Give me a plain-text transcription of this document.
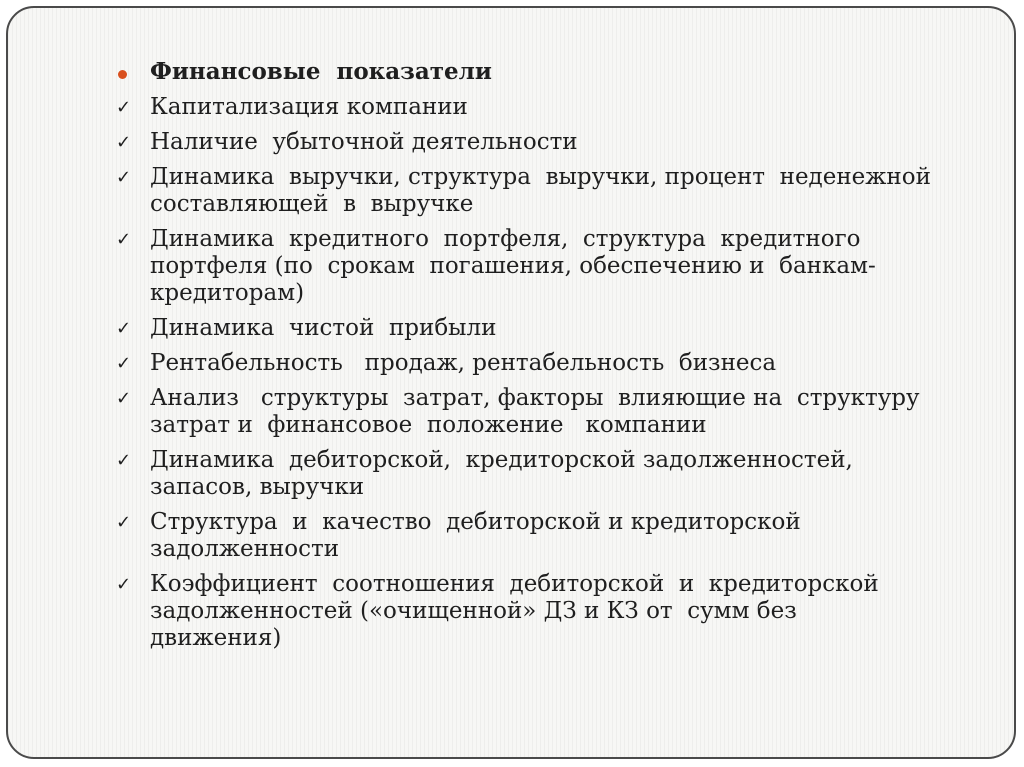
Финансовые  показатели
✓ Капитализация компании
✓ Наличие  убыточной деятельности
✓ Динамика  выручки, структура  выручки, процент  неденежной
составляющей  в  выручке
✓ Динамика  кредитного  портфеля,  структура  кредитного
портфеля (по  срокам  погашения, обеспечению и  банкам-
кредиторам)
✓ Динамика  чистой  прибыли
✓ Рентабельность   продаж, рентабельность  бизнеса
✓ Анализ   структуры  затрат, факторы  влияющие на  структуру
затрат и  финансовое  положение   компании
✓ Динамика  дебиторской,  кредиторской задолженностей,
запасов, выручки
✓ Структура  и  качество  дебиторской и кредиторской
задолженности
✓ Коэффициент  соотношения  дебиторской  и  кредиторской
задолженностей («очищенной» ДЗ и КЗ от  сумм без
движения)
